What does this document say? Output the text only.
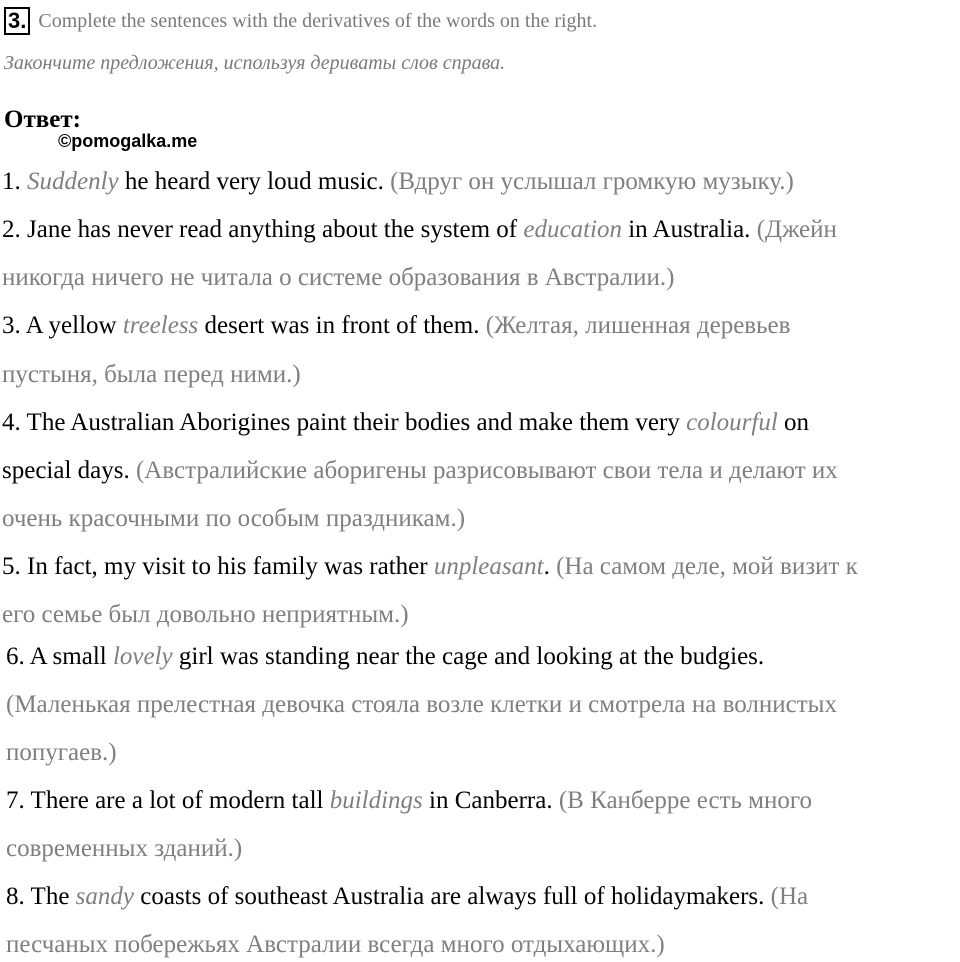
3. Complete the sentences with the derivatives of the words on the right.
Закончите предложения, используя дериваты слов справа.
Ответ:
©pomogalka.me
1. Suddenly he heard very loud music. (Вдруг он услышал громкую музыку.)
2. Jane has never read anything about the system of education in Australia. (Джейн
никогда ничего не читала о системе образования в Австралии.)
3. A yellow treeless desert was in front of them. (Желтая, лишенная деревьев
пустыня, была перед ними.)
4. The Australian Aborigines paint their bodies and make them very colourful on
special days. (Австралийские аборигены разрисовывают свои тела и делают их
очень красочными по особым праздникам.)
5. In fact, my visit to his family was rather unpleasant. (На самом деле, мой визит к
его семье был довольно неприятным.)
6. A small lovely girl was standing near the cage and looking at the budgies.
(Маленькая прелестная девочка стояла возле клетки и смотрела на волнистых
попугаев.)
7. There are a lot of modern tall buildings in Canberra. (В Канберре есть много
современных зданий.)
8. The sandy coasts of southeast Australia are always full of holidaymakers. (На
песчаных побережьях Австралии всегда много отдыхающих.)
